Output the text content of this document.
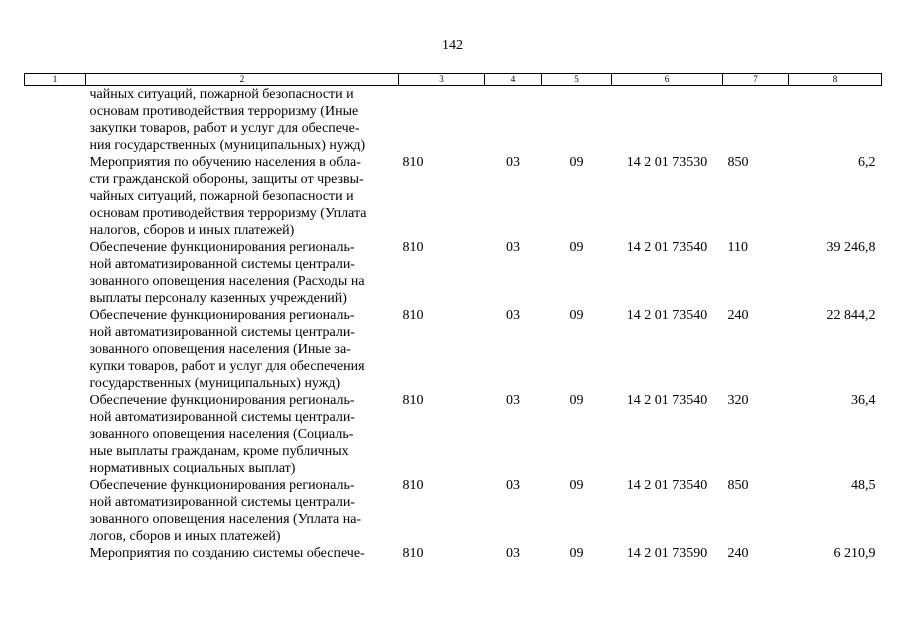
142
1	2	3	4	5	6	7	8

	чайных ситуаций, пожарной безопасности и
основам противодействия терроризму (Иные
закупки товаров, работ и услуг для обеспече-
ния государственных (муниципальных) нужд)						

	Мероприятия по обучению населения в обла-
сти гражданской обороны, защиты от чрезвы-
чайных ситуаций, пожарной безопасности и
основам противодействия терроризму (Уплата
налогов, сборов и иных платежей)	810	03	09	14 2 01 73530	850	6,2

	Обеспечение функционирования региональ-
ной автоматизированной системы централи-
зованного оповещения населения (Расходы на
выплаты персоналу казенных учреждений)	810	03	09	14 2 01 73540	110	39 246,8

	Обеспечение функционирования региональ-
ной автоматизированной системы централи-
зованного оповещения населения (Иные за-
купки товаров, работ и услуг для обеспечения
государственных (муниципальных) нужд)	810	03	09	14 2 01 73540	240	22 844,2

	Обеспечение функционирования региональ-
ной автоматизированной системы централи-
зованного оповещения населения (Социаль-
ные выплаты гражданам, кроме публичных
нормативных социальных выплат)	810	03	09	14 2 01 73540	320	36,4

	Обеспечение функционирования региональ-
ной автоматизированной системы централи-
зованного оповещения населения (Уплата на-
логов, сборов и иных платежей)	810	03	09	14 2 01 73540	850	48,5

	Мероприятия по созданию системы обеспече-	810	03	09	14 2 01 73590	240	6 210,9
